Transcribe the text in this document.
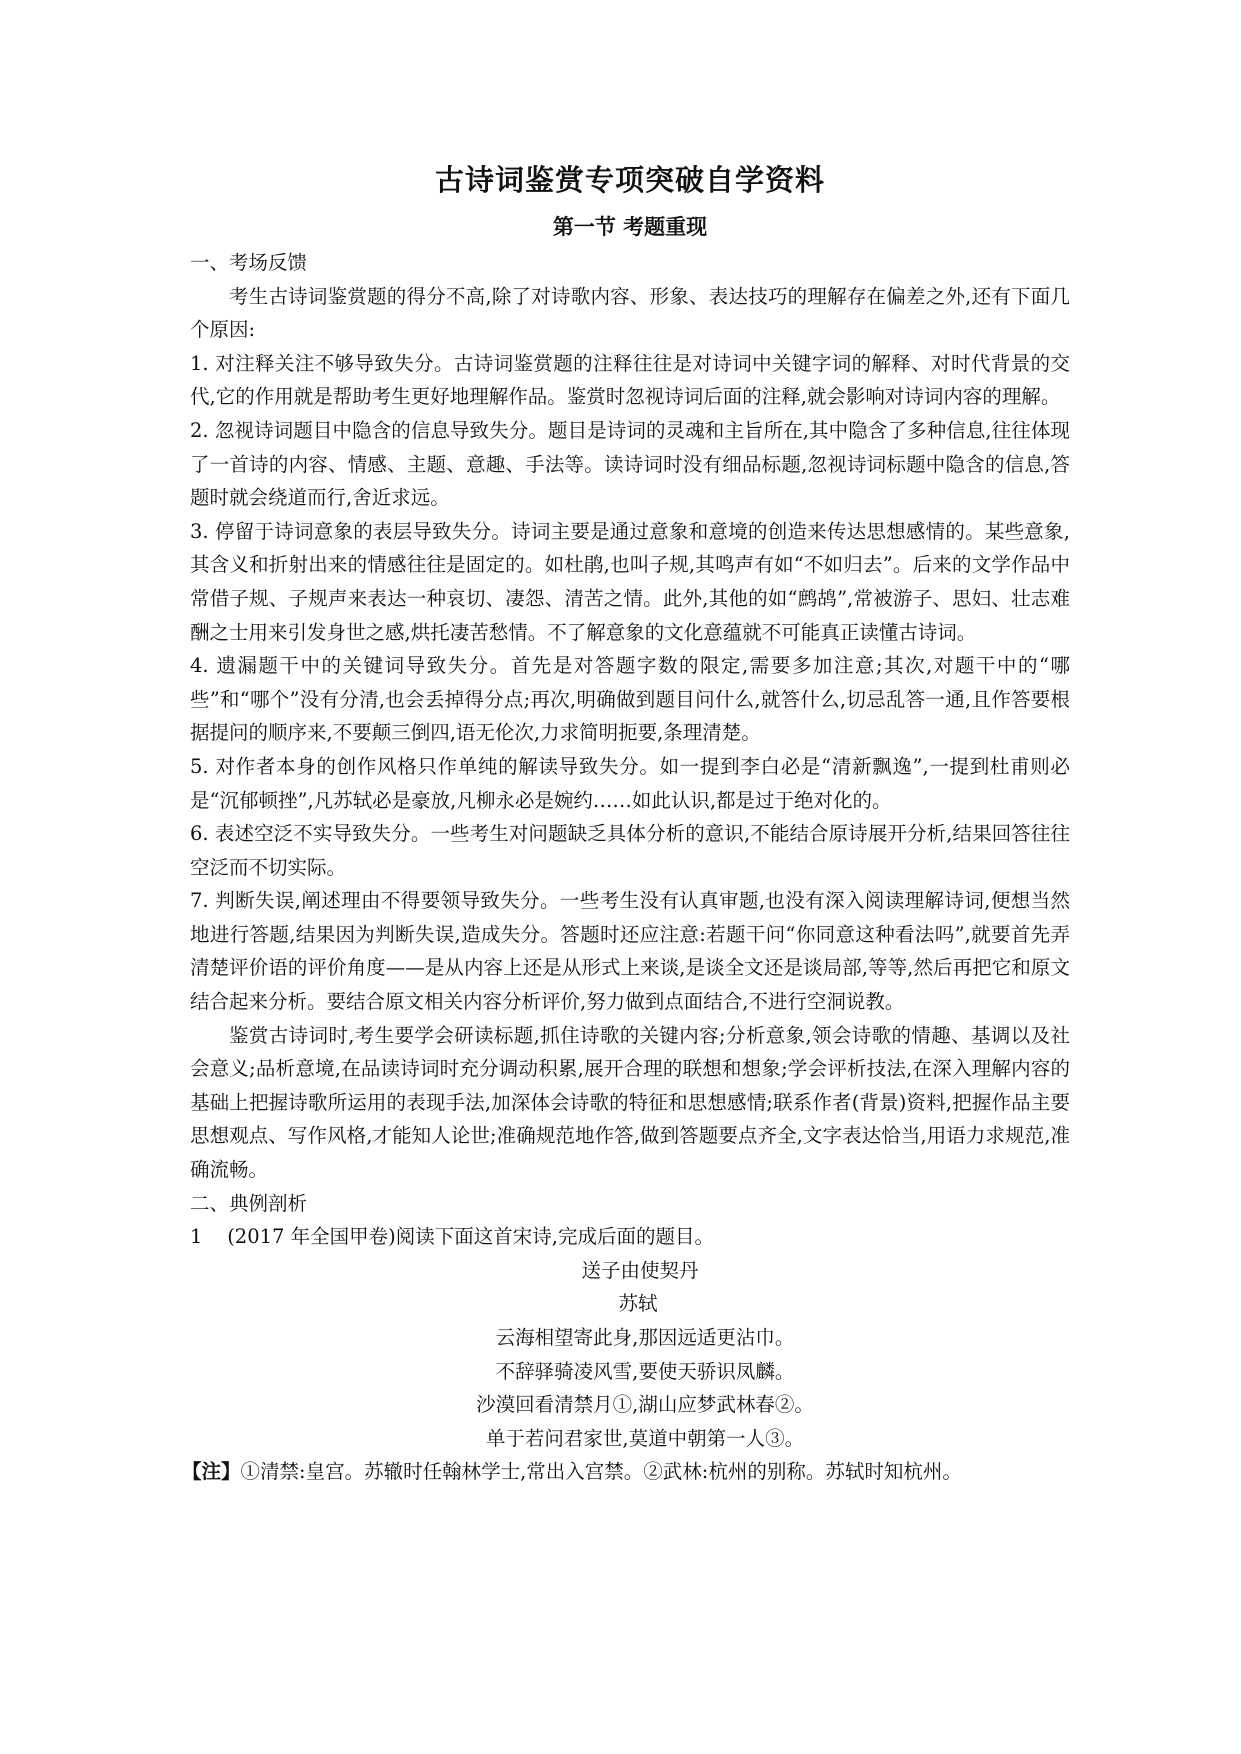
古诗词鉴赏专项突破自学资料
第一节 考题重现

一、考场反馈

考生古诗词鉴赏题的得分不高,除了对诗歌内容、形象、表达技巧的理解存在偏差之外,还有下面几个原因:

1. 对注释关注不够导致失分。古诗词鉴赏题的注释往往是对诗词中关键字词的解释、对时代背景的交代,它的作用就是帮助考生更好地理解作品。鉴赏时忽视诗词后面的注释,就会影响对诗词内容的理解。

2. 忽视诗词题目中隐含的信息导致失分。题目是诗词的灵魂和主旨所在,其中隐含了多种信息,往往体现了一首诗的内容、情感、主题、意趣、手法等。读诗词时没有细品标题,忽视诗词标题中隐含的信息,答题时就会绕道而行,舍近求远。

3. 停留于诗词意象的表层导致失分。诗词主要是通过意象和意境的创造来传达思想感情的。某些意象,其含义和折射出来的情感往往是固定的。如杜鹃,也叫子规,其鸣声有如“不如归去”。后来的文学作品中常借子规、子规声来表达一种哀切、凄怨、清苦之情。此外,其他的如“鹧鸪”,常被游子、思妇、壮志难酬之士用来引发身世之感,烘托凄苦愁情。不了解意象的文化意蕴就不可能真正读懂古诗词。

4. 遗漏题干中的关键词导致失分。首先是对答题字数的限定,需要多加注意;其次,对题干中的“哪些”和“哪个”没有分清,也会丢掉得分点;再次,明确做到题目问什么,就答什么,切忌乱答一通,且作答要根据提问的顺序来,不要颠三倒四,语无伦次,力求简明扼要,条理清楚。

5. 对作者本身的创作风格只作单纯的解读导致失分。如一提到李白必是“清新飘逸”,一提到杜甫则必是“沉郁顿挫”,凡苏轼必是豪放,凡柳永必是婉约……如此认识,都是过于绝对化的。

6. 表述空泛不实导致失分。一些考生对问题缺乏具体分析的意识,不能结合原诗展开分析,结果回答往往空泛而不切实际。

7. 判断失误,阐述理由不得要领导致失分。一些考生没有认真审题,也没有深入阅读理解诗词,便想当然地进行答题,结果因为判断失误,造成失分。答题时还应注意:若题干问“你同意这种看法吗”,就要首先弄清楚评价语的评价角度——是从内容上还是从形式上来谈,是谈全文还是谈局部,等等,然后再把它和原文结合起来分析。要结合原文相关内容分析评价,努力做到点面结合,不进行空洞说教。

鉴赏古诗词时,考生要学会研读标题,抓住诗歌的关键内容;分析意象,领会诗歌的情趣、基调以及社会意义;品析意境,在品读诗词时充分调动积累,展开合理的联想和想象;学会评析技法,在深入理解内容的基础上把握诗歌所运用的表现手法,加深体会诗歌的特征和思想感情;联系作者(背景)资料,把握作品主要思想观点、写作风格,才能知人论世;准确规范地作答,做到答题要点齐全,文字表达恰当,用语力求规范,准确流畅。

二、典例剖析

1    (2017 年全国甲卷)阅读下面这首宋诗,完成后面的题目。

送子由使契丹

苏轼

云海相望寄此身,那因远适更沾巾。

不辞驿骑凌风雪,要使天骄识凤麟。

沙漠回看清禁月①,湖山应梦武林春②。

单于若问君家世,莫道中朝第一人③。

【注】①清禁:皇宫。苏辙时任翰林学士,常出入宫禁。②武林:杭州的别称。苏轼时知杭州。
